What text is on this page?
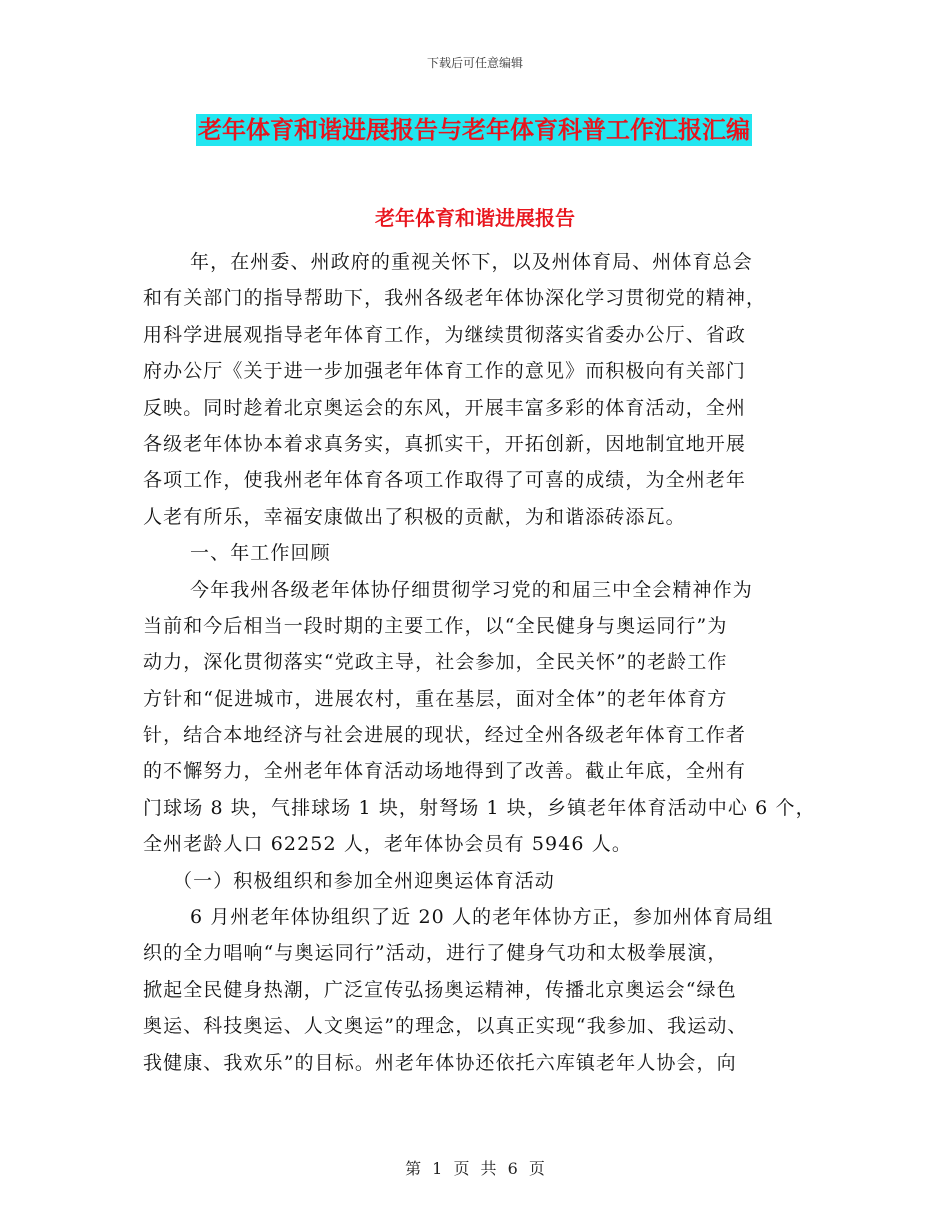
下载后可任意编辑
老年体育和谐进展报告与老年体育科普工作汇报汇编
老年体育和谐进展报告
年，在州委、州政府的重视关怀下，以及州体育局、州体育总会
和有关部门的指导帮助下，我州各级老年体协深化学习贯彻党的精神，
用科学进展观指导老年体育工作，为继续贯彻落实省委办公厅、省政
府办公厅《关于进一步加强老年体育工作的意见》而积极向有关部门
反映。同时趁着北京奥运会的东风，开展丰富多彩的体育活动，全州
各级老年体协本着求真务实，真抓实干，开拓创新，因地制宜地开展
各项工作，使我州老年体育各项工作取得了可喜的成绩，为全州老年
人老有所乐，幸福安康做出了积极的贡献，为和谐添砖添瓦。
一、年工作回顾
今年我州各级老年体协仔细贯彻学习党的和届三中全会精神作为
当前和今后相当一段时期的主要工作，以“全民健身与奥运同行”为
动力，深化贯彻落实“党政主导，社会参加，全民关怀”的老龄工作
方针和“促进城市，进展农村，重在基层，面对全体”的老年体育方
针，结合本地经济与社会进展的现状，经过全州各级老年体育工作者
的不懈努力，全州老年体育活动场地得到了改善。截止年底，全州有
门球场 8 块，气排球场 1 块，射弩场 1 块，乡镇老年体育活动中心 6 个，
全州老龄人口 62252 人，老年体协会员有 5946 人。
（一）积极组织和参加全州迎奥运体育活动
6 月州老年体协组织了近 20 人的老年体协方正，参加州体育局组
织的全力唱响“与奥运同行”活动，进行了健身气功和太极拳展演，
掀起全民健身热潮，广泛宣传弘扬奥运精神，传播北京奥运会“绿色
奥运、科技奥运、人文奥运”的理念，以真正实现“我参加、我运动、
我健康、我欢乐”的目标。州老年体协还依托六库镇老年人协会，向
第 1 页 共 6 页
